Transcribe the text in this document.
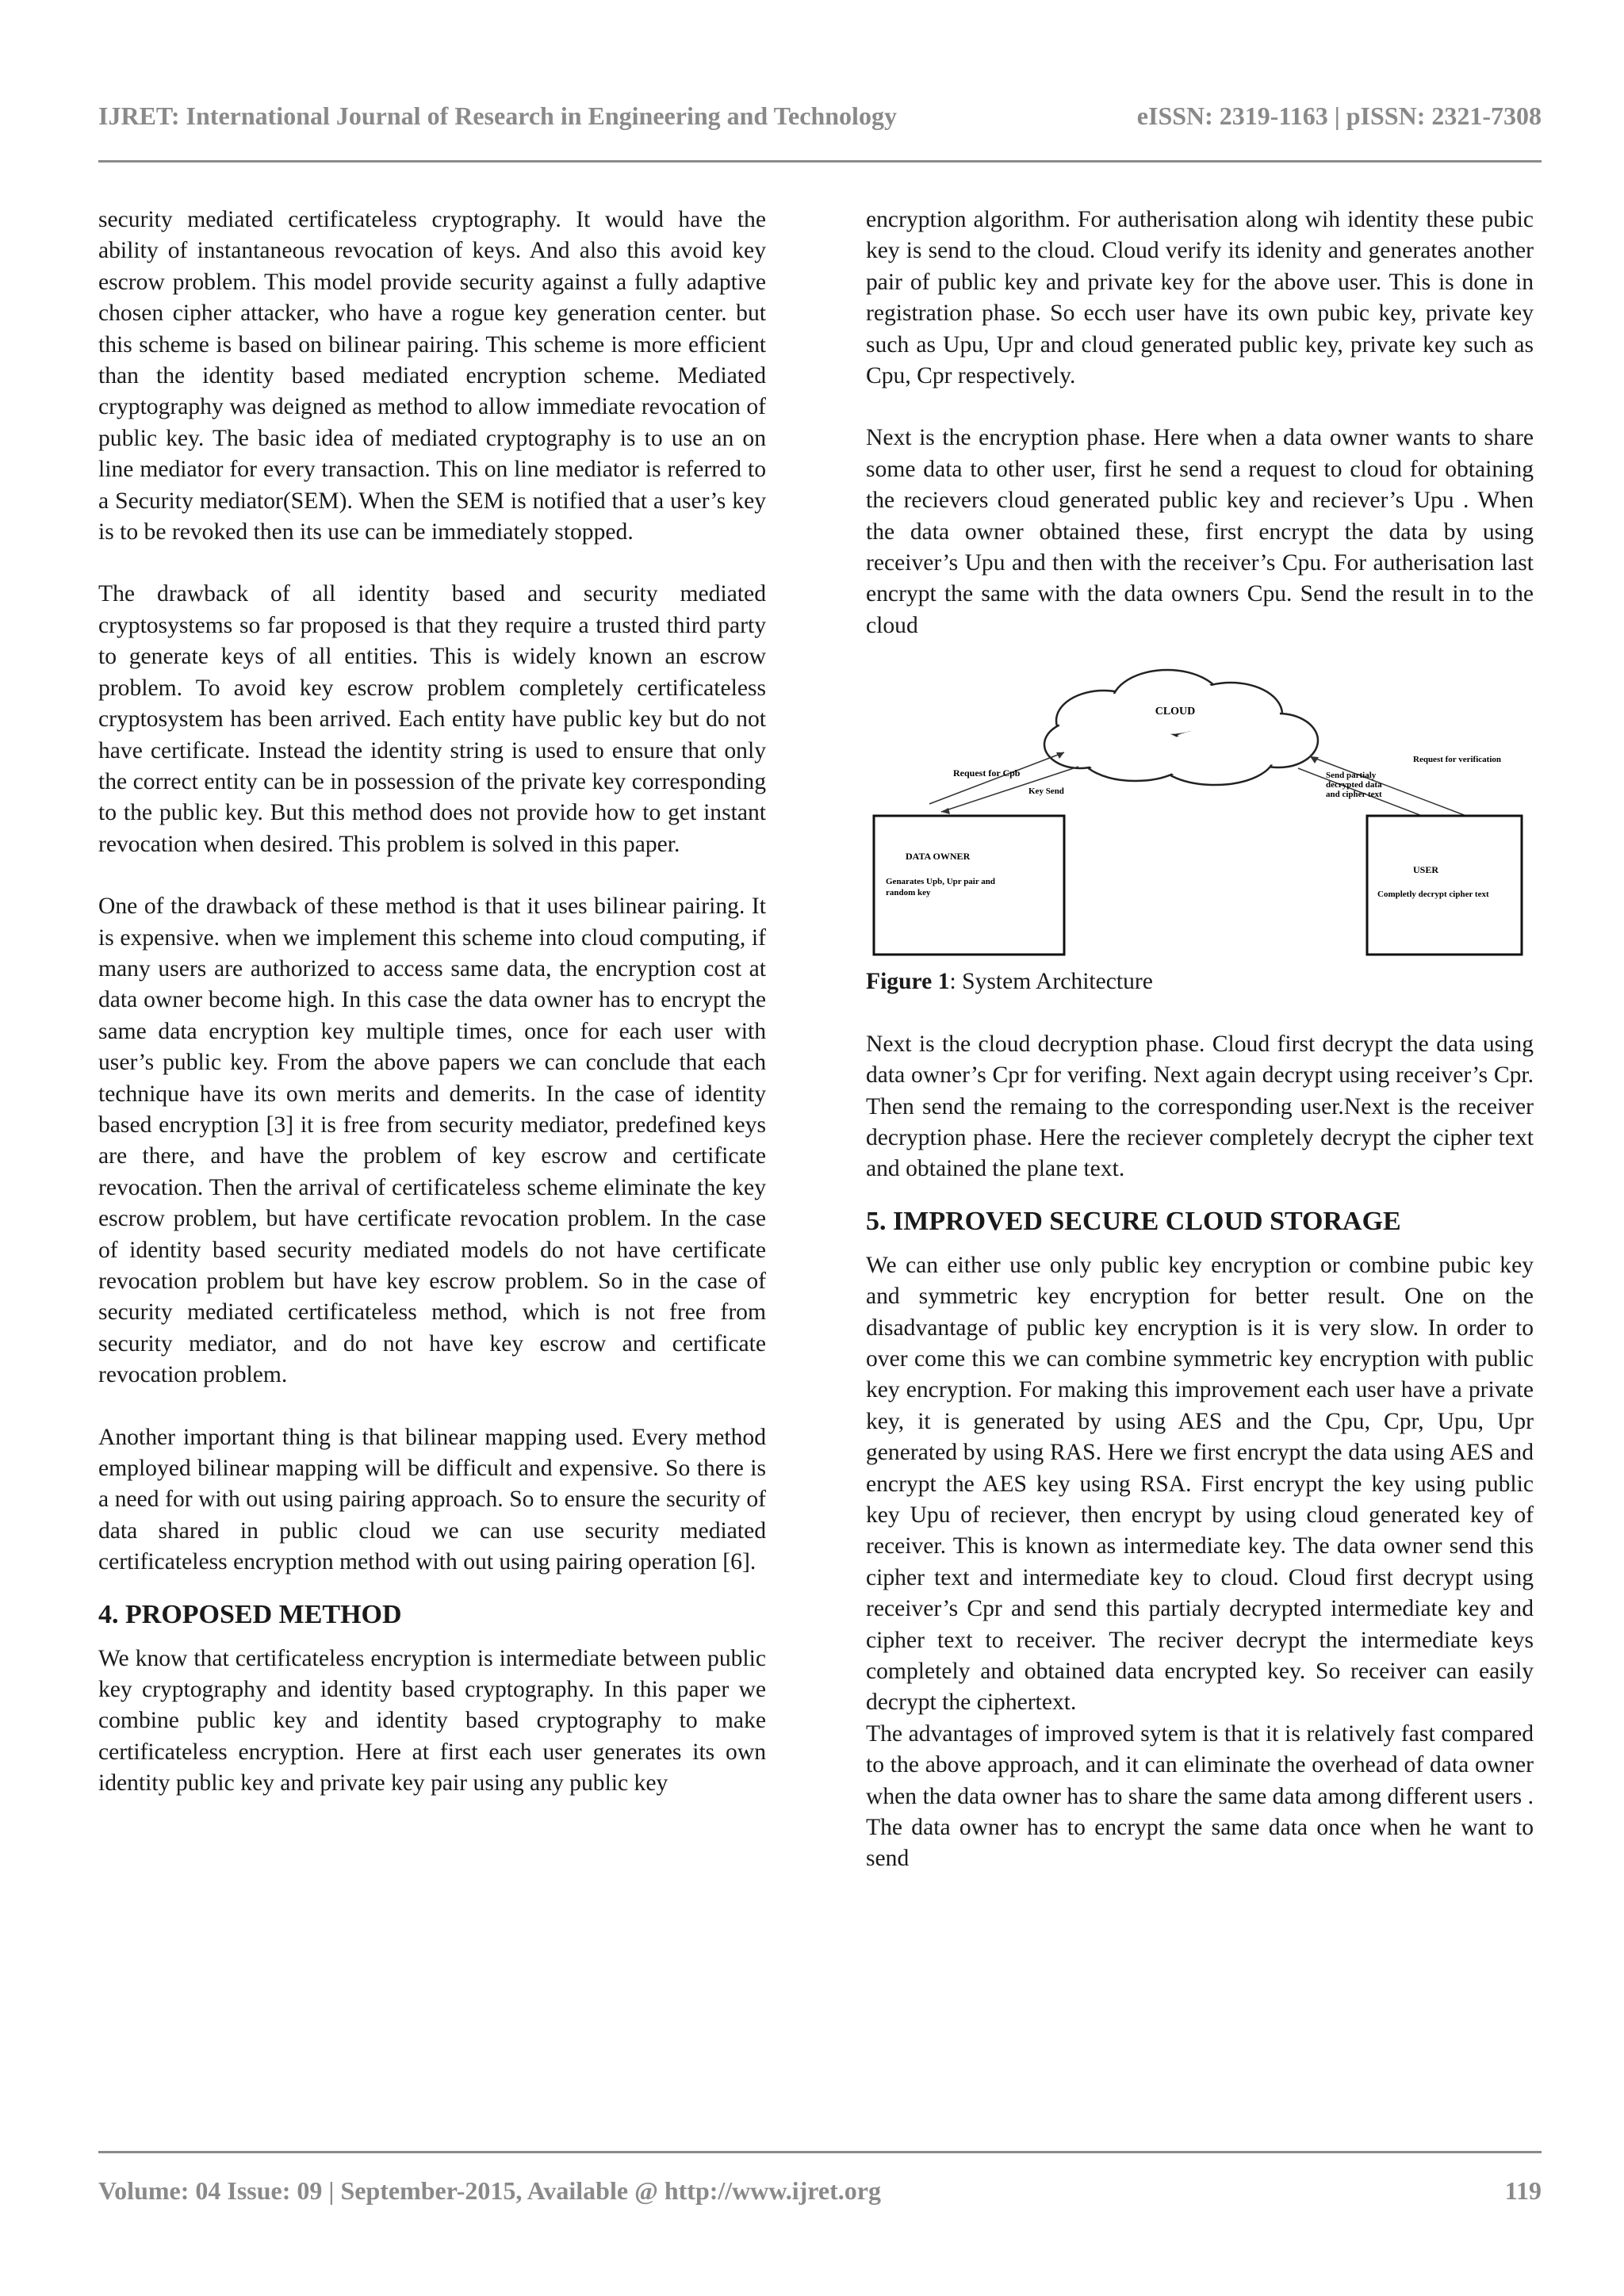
IJRET: International Journal of Research in Engineering and Technology	eISSN: 2319-1163 | pISSN: 2321-7308

security mediated certificateless cryptography. It would have the ability of instantaneous revocation of keys. And also this avoid key escrow problem. This model provide security against a fully adaptive chosen cipher attacker, who have a rogue key generation center. but this scheme is based on bilinear pairing. This scheme is more efficient than the identity based mediated encryption scheme. Mediated cryptography was deigned as method to allow immediate revocation of public key. The basic idea of mediated cryptography is to use an on line mediator for every transaction. This on line mediator is referred to a Security mediator(SEM). When the SEM is notified that a user’s key is to be revoked then its use can be immediately stopped.

The drawback of all identity based and security mediated cryptosystems so far proposed is that they require a trusted third party to generate keys of all entities. This is widely known an escrow problem. To avoid key escrow problem completely certificateless cryptosystem has been arrived. Each entity have public key but do not have certificate. Instead the identity string is used to ensure that only the correct entity can be in possession of the private key corresponding to the public key. But this method does not provide how to get instant revocation when desired. This problem is solved in this paper.

One of the drawback of these method is that it uses bilinear pairing. It is expensive. when we implement this scheme into cloud computing, if many users are authorized to access same data, the encryption cost at data owner become high. In this case the data owner has to encrypt the same data encryption key multiple times, once for each user with user’s public key. From the above papers we can conclude that each technique have its own merits and demerits. In the case of identity based encryption [3] it is free from security mediator, predefined keys are there, and have the problem of key escrow and certificate revocation. Then the arrival of certificateless scheme eliminate the key escrow problem, but have certificate revocation problem. In the case of identity based security mediated models do not have certificate revocation problem but have key escrow problem. So in the case of security mediated certificateless method, which is not free from security mediator, and do not have key escrow and certificate revocation problem.

Another important thing is that bilinear mapping used. Every method employed bilinear mapping will be difficult and expensive. So there is a need for with out using pairing approach. So to ensure the security of data shared in public cloud we can use security mediated certificateless encryption method with out using pairing operation [6].

4. PROPOSED METHOD

We know that certificateless encryption is intermediate between public key cryptography and identity based cryptography. In this paper we combine public key and identity based cryptography to make certificateless encryption. Here at first each user generates its own identity public key and private key pair using any public key

encryption algorithm. For autherisation along wih identity these pubic key is send to the cloud. Cloud verify its idenity and generates another pair of public key and private key for the above user. This is done in registration phase. So ecch user have its own pubic key, private key such as Upu, Upr and cloud generated public key, private key such as Cpu, Cpr respectively.

Next is the encryption phase. Here when a data owner wants to share some data to other user, first he send a request to cloud for obtaining the recievers cloud generated public key and reciever’s Upu . When the data owner obtained these, first encrypt the data by using receiver’s Upu and then with the receiver’s Cpu. For autherisation last encrypt the same with the data owners Cpu. Send the result in to the cloud

CLOUD
Request for Cpb
Key Send
Request for verification
Send partialy
decrypted data
and cipher text
DATA OWNER
Genarates Upb, Upr pair and
random key
USER
Completly decrypt cipher text

Figure 1: System Architecture

Next is the cloud decryption phase. Cloud first decrypt the data using data owner’s Cpr for verifing. Next again decrypt using receiver’s Cpr. Then send the remaing to the corresponding user.Next is the receiver decryption phase. Here the reciever completely decrypt the cipher text and obtained the plane text.

5. IMPROVED SECURE CLOUD STORAGE

We can either use only public key encryption or combine pubic key and symmetric key encryption for better result. One on the disadvantage of public key encryption is it is very slow. In order to over come this we can combine symmetric key encryption with public key encryption. For making this improvement each user have a private key, it is generated by using AES and the Cpu, Cpr, Upu, Upr generated by using RAS. Here we first encrypt the data using AES and encrypt the AES key using RSA. First encrypt the key using public key Upu of reciever, then encrypt by using cloud generated key of receiver. This is known as intermediate key. The data owner send this cipher text and intermediate key to cloud. Cloud first decrypt using receiver’s Cpr and send this partialy decrypted intermediate key and cipher text to receiver. The reciver decrypt the intermediate keys completely and obtained data encrypted key. So receiver can easily decrypt the ciphertext.

The advantages of improved sytem is that it is relatively fast compared to the above approach, and it can eliminate the overhead of data owner when the data owner has to share the same data among different users . The data owner has to encrypt the same data once when he want to send

Volume: 04 Issue: 09 | September-2015, Available @ http://www.ijret.org	119
